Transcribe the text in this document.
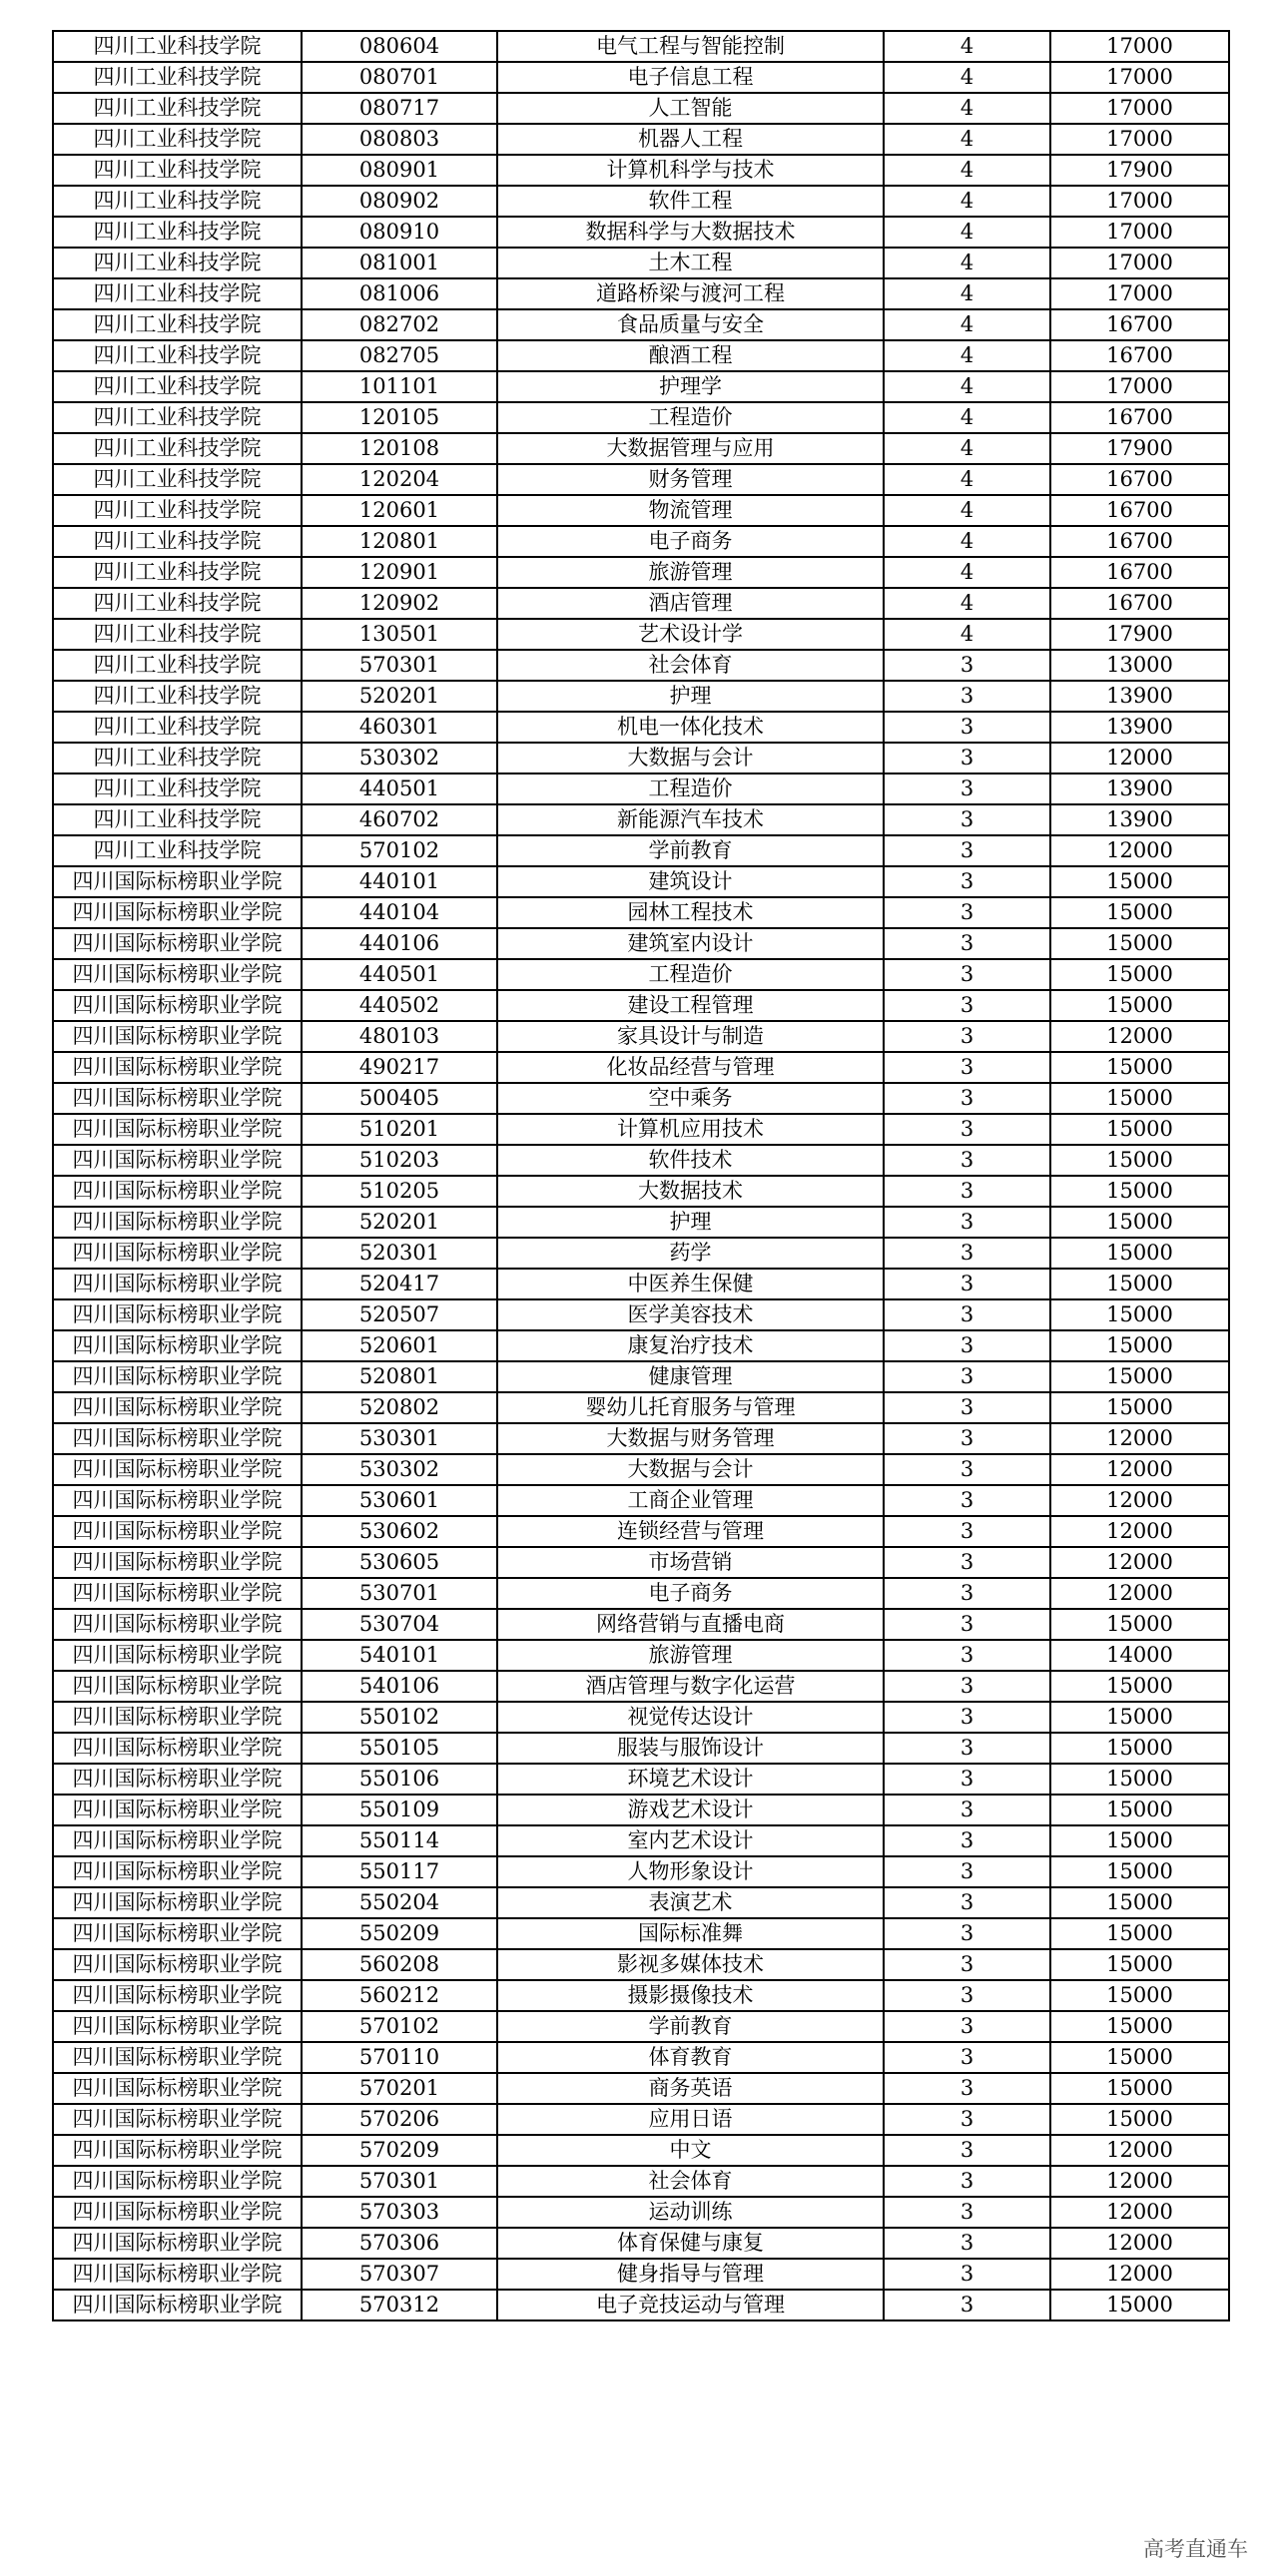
四川工业科技学院	080604	电气工程与智能控制	4	17000
四川工业科技学院	080701	电子信息工程	4	17000
四川工业科技学院	080717	人工智能	4	17000
四川工业科技学院	080803	机器人工程	4	17000
四川工业科技学院	080901	计算机科学与技术	4	17900
四川工业科技学院	080902	软件工程	4	17000
四川工业科技学院	080910	数据科学与大数据技术	4	17000
四川工业科技学院	081001	土木工程	4	17000
四川工业科技学院	081006	道路桥梁与渡河工程	4	17000
四川工业科技学院	082702	食品质量与安全	4	16700
四川工业科技学院	082705	酿酒工程	4	16700
四川工业科技学院	101101	护理学	4	17000
四川工业科技学院	120105	工程造价	4	16700
四川工业科技学院	120108	大数据管理与应用	4	17900
四川工业科技学院	120204	财务管理	4	16700
四川工业科技学院	120601	物流管理	4	16700
四川工业科技学院	120801	电子商务	4	16700
四川工业科技学院	120901	旅游管理	4	16700
四川工业科技学院	120902	酒店管理	4	16700
四川工业科技学院	130501	艺术设计学	4	17900
四川工业科技学院	570301	社会体育	3	13000
四川工业科技学院	520201	护理	3	13900
四川工业科技学院	460301	机电一体化技术	3	13900
四川工业科技学院	530302	大数据与会计	3	12000
四川工业科技学院	440501	工程造价	3	13900
四川工业科技学院	460702	新能源汽车技术	3	13900
四川工业科技学院	570102	学前教育	3	12000
四川国际标榜职业学院	440101	建筑设计	3	15000
四川国际标榜职业学院	440104	园林工程技术	3	15000
四川国际标榜职业学院	440106	建筑室内设计	3	15000
四川国际标榜职业学院	440501	工程造价	3	15000
四川国际标榜职业学院	440502	建设工程管理	3	15000
四川国际标榜职业学院	480103	家具设计与制造	3	12000
四川国际标榜职业学院	490217	化妆品经营与管理	3	15000
四川国际标榜职业学院	500405	空中乘务	3	15000
四川国际标榜职业学院	510201	计算机应用技术	3	15000
四川国际标榜职业学院	510203	软件技术	3	15000
四川国际标榜职业学院	510205	大数据技术	3	15000
四川国际标榜职业学院	520201	护理	3	15000
四川国际标榜职业学院	520301	药学	3	15000
四川国际标榜职业学院	520417	中医养生保健	3	15000
四川国际标榜职业学院	520507	医学美容技术	3	15000
四川国际标榜职业学院	520601	康复治疗技术	3	15000
四川国际标榜职业学院	520801	健康管理	3	15000
四川国际标榜职业学院	520802	婴幼儿托育服务与管理	3	15000
四川国际标榜职业学院	530301	大数据与财务管理	3	12000
四川国际标榜职业学院	530302	大数据与会计	3	12000
四川国际标榜职业学院	530601	工商企业管理	3	12000
四川国际标榜职业学院	530602	连锁经营与管理	3	12000
四川国际标榜职业学院	530605	市场营销	3	12000
四川国际标榜职业学院	530701	电子商务	3	12000
四川国际标榜职业学院	530704	网络营销与直播电商	3	15000
四川国际标榜职业学院	540101	旅游管理	3	14000
四川国际标榜职业学院	540106	酒店管理与数字化运营	3	15000
四川国际标榜职业学院	550102	视觉传达设计	3	15000
四川国际标榜职业学院	550105	服装与服饰设计	3	15000
四川国际标榜职业学院	550106	环境艺术设计	3	15000
四川国际标榜职业学院	550109	游戏艺术设计	3	15000
四川国际标榜职业学院	550114	室内艺术设计	3	15000
四川国际标榜职业学院	550117	人物形象设计	3	15000
四川国际标榜职业学院	550204	表演艺术	3	15000
四川国际标榜职业学院	550209	国际标准舞	3	15000
四川国际标榜职业学院	560208	影视多媒体技术	3	15000
四川国际标榜职业学院	560212	摄影摄像技术	3	15000
四川国际标榜职业学院	570102	学前教育	3	15000
四川国际标榜职业学院	570110	体育教育	3	15000
四川国际标榜职业学院	570201	商务英语	3	15000
四川国际标榜职业学院	570206	应用日语	3	15000
四川国际标榜职业学院	570209	中文	3	12000
四川国际标榜职业学院	570301	社会体育	3	12000
四川国际标榜职业学院	570303	运动训练	3	12000
四川国际标榜职业学院	570306	体育保健与康复	3	12000
四川国际标榜职业学院	570307	健身指导与管理	3	12000
四川国际标榜职业学院	570312	电子竞技运动与管理	3	15000
高考直通车
